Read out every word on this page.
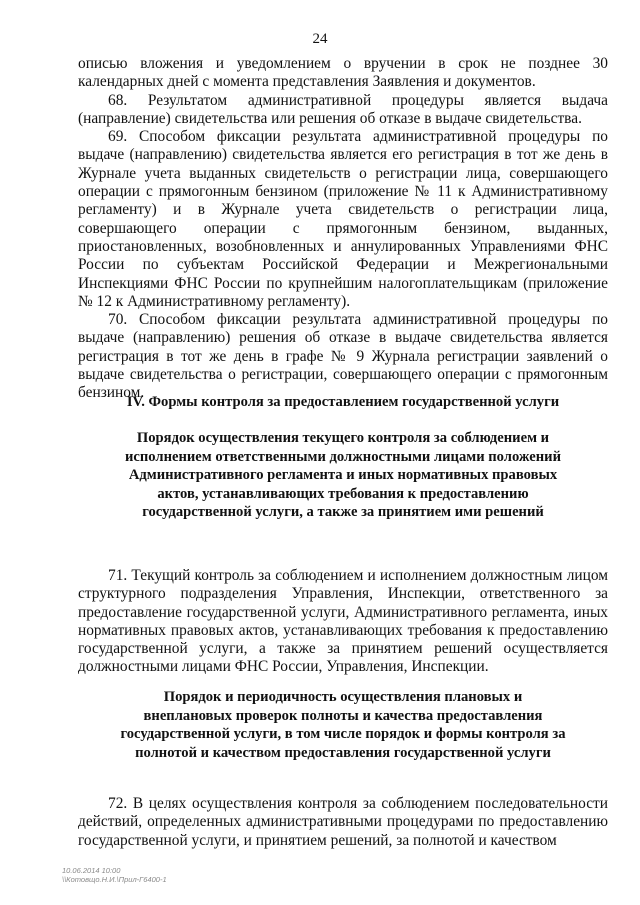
24

описью вложения и уведомлением о вручении в срок не позднее 30 календарных дней с момента представления Заявления и документов.

68. Результатом административной процедуры является выдача (направление) свидетельства или решения об отказе в выдаче свидетельства.

69. Способом фиксации результата административной процедуры по выдаче (направлению) свидетельства является его регистрация в тот же день в Журнале учета выданных свидетельств о регистрации лица, совершающего операции с прямогонным бензином (приложение № 11 к Административному регламенту) и в Журнале учета свидетельств о регистрации лица, совершающего операции с прямогонным бензином, выданных, приостановленных, возобновленных и аннулированных Управлениями ФНС России по субъектам Российской Федерации и Межрегиональными Инспекциями ФНС России по крупнейшим налогоплательщикам (приложение № 12 к Административному регламенту).

70. Способом фиксации результата административной процедуры по выдаче (направлению) решения об отказе в выдаче свидетельства является регистрация в тот же день в графе № 9 Журнала регистрации заявлений о выдаче свидетельства о регистрации, совершающего операции с прямогонным бензином.

IV. Формы контроля за предоставлением государственной услуги
Порядок осуществления текущего контроля за соблюдением и исполнением ответственными должностными лицами положений Административного регламента и иных нормативных правовых актов, устанавливающих требования к предоставлению государственной услуги, а также за принятием ими решений

71. Текущий контроль за соблюдением и исполнением должностным лицом структурного подразделения Управления, Инспекции, ответственного за предоставление государственной услуги, Административного регламента, иных нормативных правовых актов, устанавливающих требования к предоставлению государственной услуги, а также за принятием решений осуществляется должностными лицами ФНС России, Управления, Инспекции.

Порядок и периодичность осуществления плановых и внеплановых проверок полноты и качества предоставления государственной услуги, в том числе порядок и формы контроля за полнотой и качеством предоставления государственной услуги

72. В целях осуществления контроля за соблюдением последовательности действий, определенных административными процедурами по предоставлению государственной услуги, и принятием решений, за полнотой и качеством

10.06.2014 10:00
\\Котовщо.Н.И.\Прил-Г6400-1
